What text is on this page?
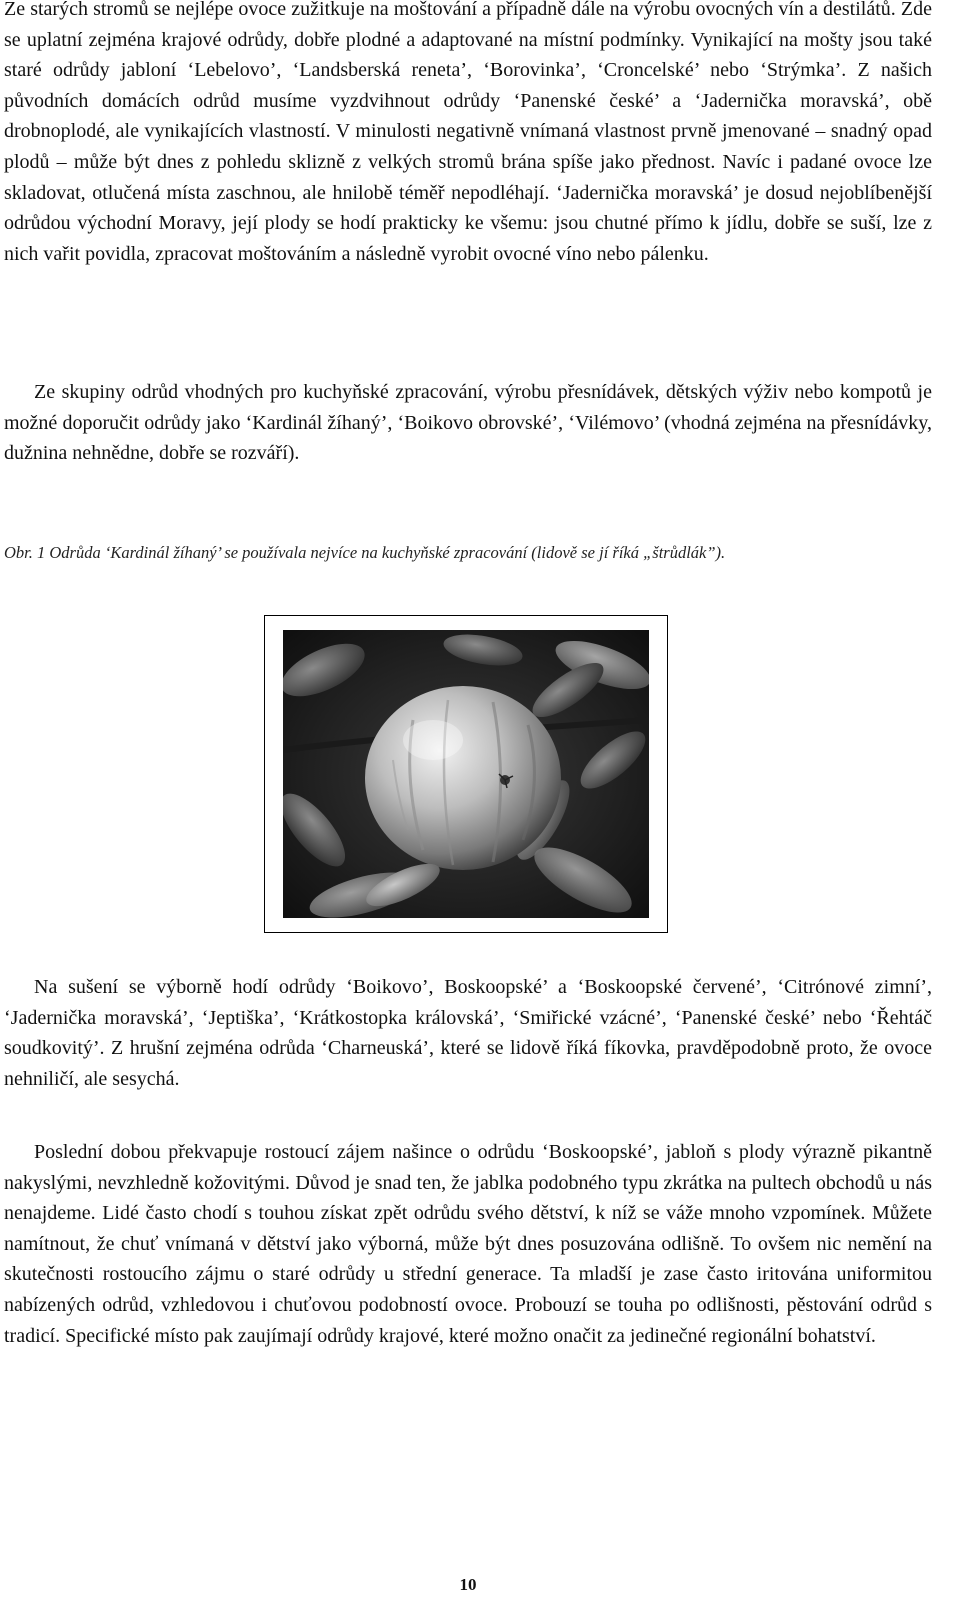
Ze starých stromů se nejlépe ovoce zužitkuje na moštování a případně dále na výrobu ovocných vín a destilátů. Zde se uplatní zejména krajové odrůdy, dobře plodné a adaptované na místní podmínky. Vynikající na mošty jsou také staré odrůdy jabloní ‘Lebelovo’, ‘Landsberská reneta’, ‘Borovinka’, ‘Croncelské’ nebo ‘Strýmka’. Z našich původních domácích odrůd musíme vyzdvihnout odrůdy ‘Panenské české’ a ‘Jadernička moravská’, obě drobnoplodé, ale vynikajících vlastností. V minulosti negativně vnímaná vlastnost prvně jmenované – snadný opad plodů – může být dnes z pohledu sklizně z velkých stromů brána spíše jako přednost. Navíc i padané ovoce lze skladovat, otlučená místa zaschnou, ale hnilobě téměř nepodléhají. ‘Jadernička moravská’ je dosud nejoblíbenější odrůdou východní Moravy, její plody se hodí prakticky ke všemu: jsou chutné přímo k jídlu, dobře se suší, lze z nich vařit povidla, zpracovat moštováním a následně vyrobit ovocné víno nebo pálenku.

Ze skupiny odrůd vhodných pro kuchyňské zpracování, výrobu přesnídávek, dětských výživ nebo kompotů je možné doporučit odrůdy jako ‘Kardinál žíhaný’, ‘Boikovo obrovské’, ‘Vilémovo’ (vhodná zejména na přesnídávky, dužnina nehnědne, dobře se rozváří).

Obr. 1 Odrůda ‘Kardinál žíhaný’ se používala nejvíce na kuchyňské zpracování (lidově se jí říká „štrůdlák”).

Na sušení se výborně hodí odrůdy ‘Boikovo’, Boskoopské’ a ‘Boskoopské červené’, ‘Citrónové zimní’, ‘Jadernička moravská’, ‘Jeptiška’, ‘Krátkostopka královská’, ‘Smiřické vzácné’, ‘Panenské české’ nebo ‘Řehtáč soudkovitý’. Z hrušní zejména odrůda ‘Charneuská’, které se lidově říká fíkovka, pravděpodobně proto, že ovoce nehniličí, ale sesychá.

Poslední dobou překvapuje rostoucí zájem našince o odrůdu ‘Boskoopské’, jabloň s plody výrazně pikantně nakyslými, nevzhledně kožovitými. Důvod je snad ten, že jablka podobného typu zkrátka na pultech obchodů u nás nenajdeme. Lidé často chodí s touhou získat zpět odrůdu svého dětství, k níž se váže mnoho vzpomínek. Můžete namítnout, že chuť vnímaná v dětství jako výborná, může být dnes posuzována odlišně. To ovšem nic nemění na skutečnosti rostoucího zájmu o staré odrůdy u střední generace. Ta mladší je zase často iritována uniformitou nabízených odrůd, vzhledovou i chuťovou podobností ovoce. Probouzí se touha po odlišnosti, pěstování odrůd s tradicí. Specifické místo pak zaujímají odrůdy krajové, které možno onačit za jedinečné regionální bohatství.

10
